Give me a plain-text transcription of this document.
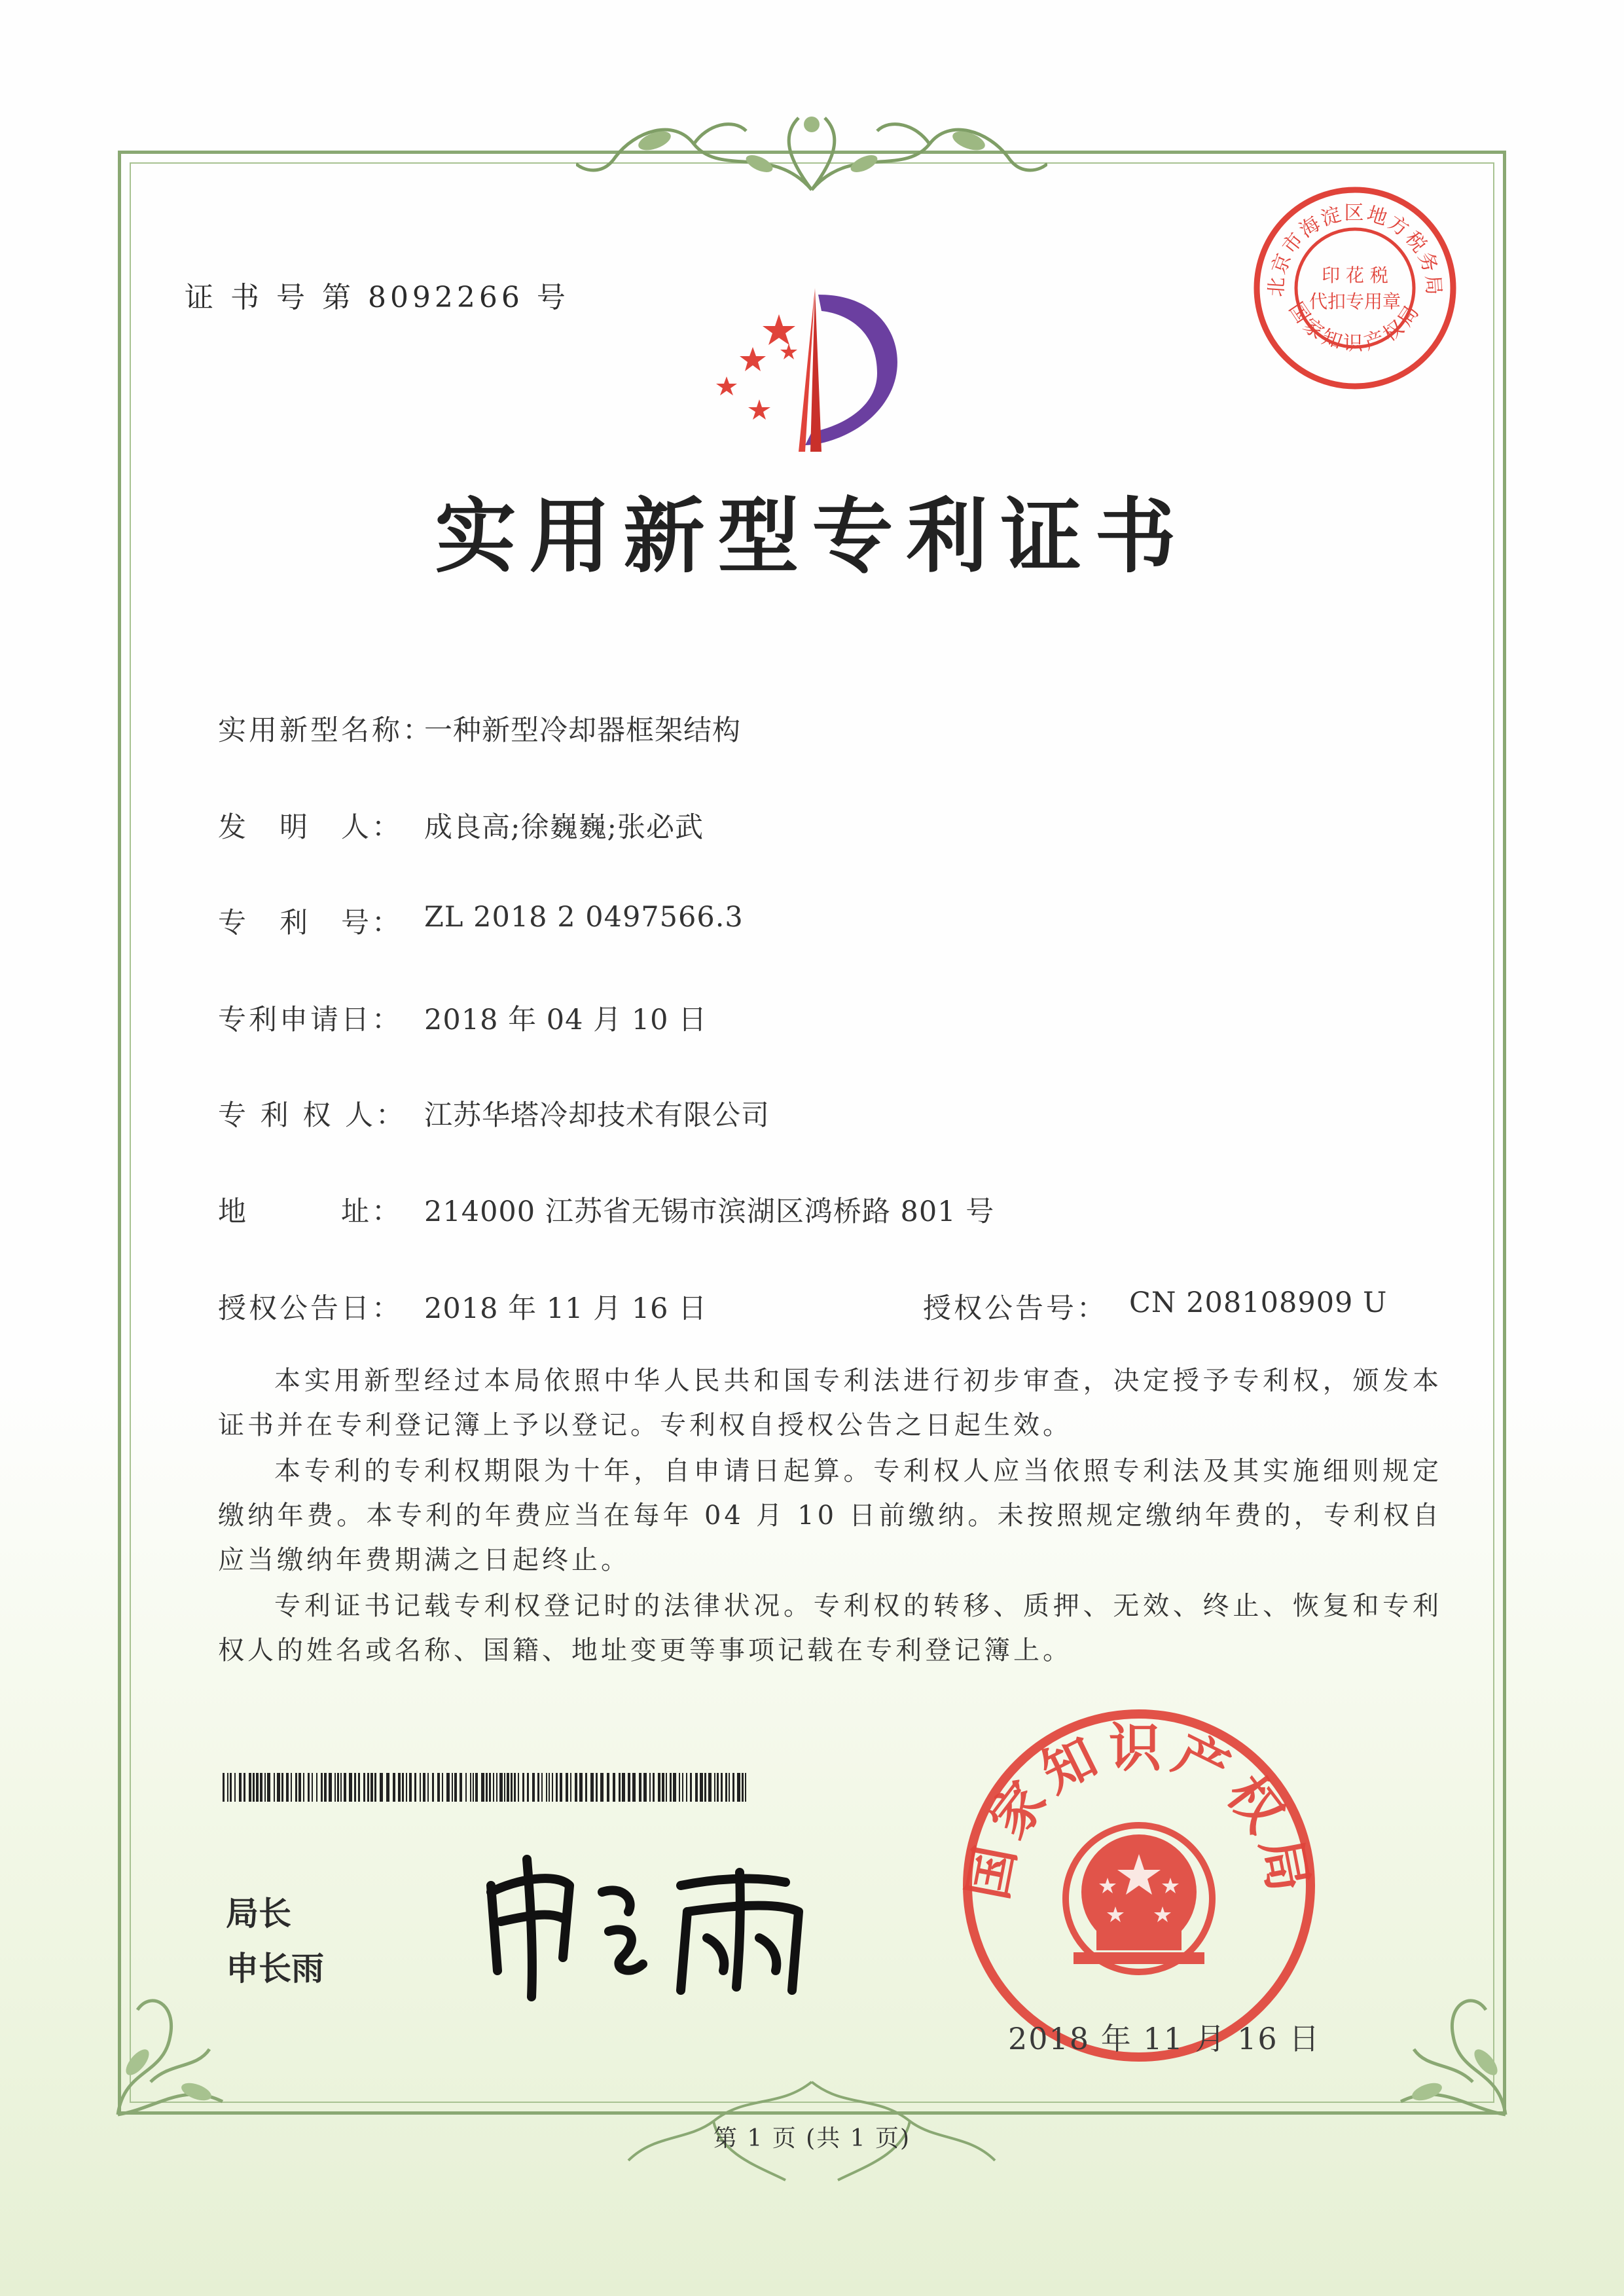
北京市海淀区地方税务局
国家知识产权局
印 花 税
代扣专用章
证 书 号 第 8092266 号
实用新型专利证书
实用新型名称：
一种新型冷却器框架结构
发　明　人： 成良高;徐巍巍;张必武
专　利　号： ZL 2018 2 0497566.3
专利申请日： 2018 年 04 月 10 日
专 利 权 人： 江苏华塔冷却技术有限公司
地　　　址： 214000 江苏省无锡市滨湖区鸿桥路 801 号
授权公告日： 2018 年 11 月 16 日	授权公告号： CN 208108909 U
本实用新型经过本局依照中华人民共和国专利法进行初步审查，决定授予专利权，颁发本证书并在专利登记簿上予以登记。专利权自授权公告之日起生效。
本专利的专利权期限为十年，自申请日起算。专利权人应当依照专利法及其实施细则规定缴纳年费。本专利的年费应当在每年 04 月 10 日前缴纳。未按照规定缴纳年费的，专利权自应当缴纳年费期满之日起终止。
专利证书记载专利权登记时的法律状况。专利权的转移、质押、无效、终止、恢复和专利权人的姓名或名称、国籍、地址变更等事项记载在专利登记簿上。
局长
申长雨
国家知识产权局
2018 年 11 月 16 日
第 1 页 (共 1 页)
